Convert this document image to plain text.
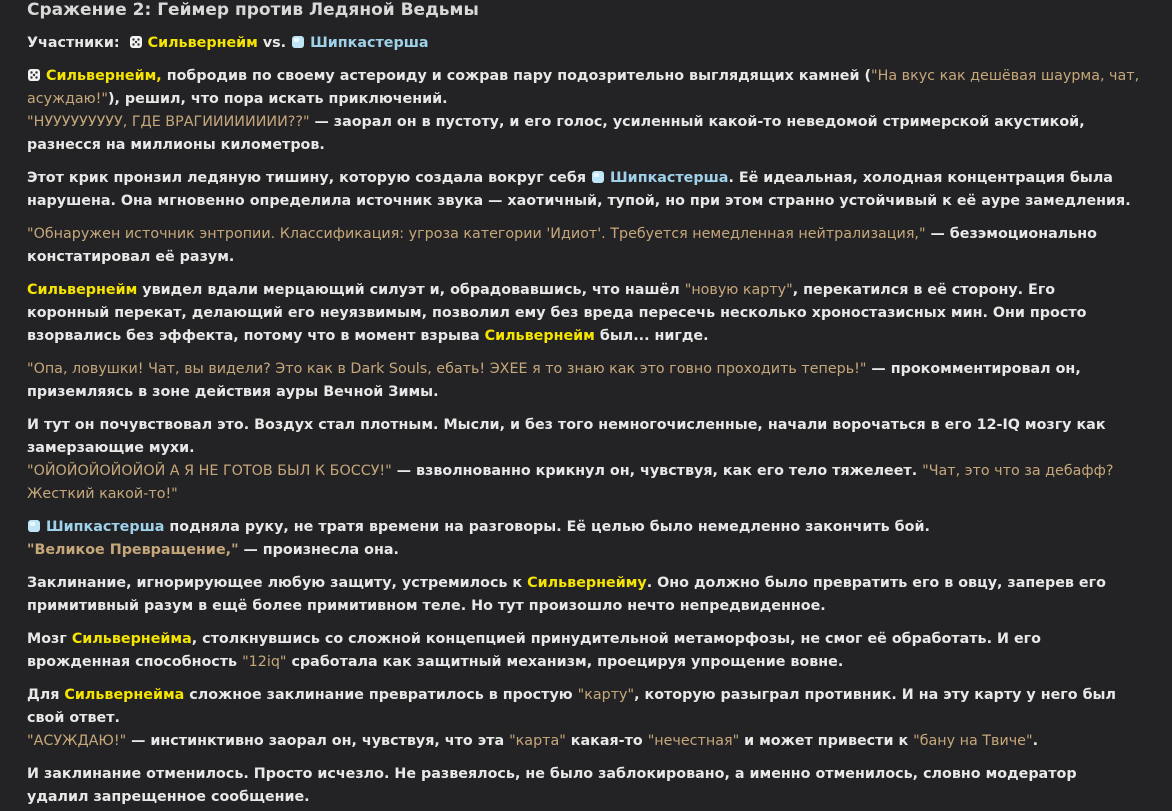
Сражение 2: Геймер против Ледяной Ведьмы

Участники: Сильвернейм vs. Шипкастерша

Сильвернейм, побродив по своему астероиду и сожрав пару подозрительно выглядящих камней ("На вкус как дешёвая шаурма, чат, асуждаю!"), решил, что пора искать приключений.
"НУУУУУУУУУ, ГДЕ ВРАГИИИИИИИИ??" — заорал он в пустоту, и его голос, усиленный какой-то неведомой стримерской акустикой, разнесся на миллионы километров.

Этот крик пронзил ледяную тишину, которую создала вокруг себя
Шипкастерша. Её идеальная, холодная концентрация была нарушена. Она мгновенно определила источник звука — хаотичный, тупой, но при этом странно устойчивый к её ауре замедления.

"Обнаружен источник энтропии. Классификация: угроза категории 'Идиот'. Требуется немедленная нейтрализация," — безэмоционально констатировал её разум.

Сильвернейм увидел вдали мерцающий силуэт и, обрадовавшись, что нашёл "новую карту", перекатился в её сторону. Его коронный перекат, делающий его неуязвимым, позволил ему без вреда пересечь несколько хроностазисных мин. Они просто взорвались без эффекта, потому что в момент взрыва Сильвернейм был... нигде.

"Опа, ловушки! Чат, вы видели? Это как в Dark Souls, ебать! ЭХЕЕ я то знаю как это говно проходить теперь!" — прокомментировал он, приземляясь в зоне действия ауры Вечной Зимы.

И тут он почувствовал это. Воздух стал плотным. Мысли, и без того немногочисленные, начали ворочаться в его 12-IQ мозгу как замерзающие мухи.
"ОЙОЙОЙОЙОЙОЙ А Я НЕ ГОТОВ БЫЛ К БОССУ!" — взволнованно крикнул он, чувствуя, как его тело тяжелеет. "Чат, это что за дебафф? Жесткий какой-то!"

Шипкастерша подняла руку, не тратя времени на разговоры. Её целью было немедленно закончить бой.
"Великое Превращение," — произнесла она.

Заклинание, игнорирующее любую защиту, устремилось к Сильвернейму. Оно должно было превратить его в овцу, заперев его примитивный разум в ещё более примитивном теле. Но тут произошло нечто непредвиденное.

Мозг Сильвернейма, столкнувшись со сложной концепцией принудительной метаморфозы, не смог её обработать. И его врожденная способность "12iq" сработала как защитный механизм, проецируя упрощение вовне.

Для Сильвернейма сложное заклинание превратилось в простую "карту", которую разыграл противник. И на эту карту у него был свой ответ.
"АСУЖДАЮ!" — инстинктивно заорал он, чувствуя, что эта "карта" какая-то "нечестная" и может привести к "бану на Твиче".

И заклинание отменилось. Просто исчезло. Не развеялось, не было заблокировано, а именно отменилось, словно модератор удалил запрещенное сообщение.
